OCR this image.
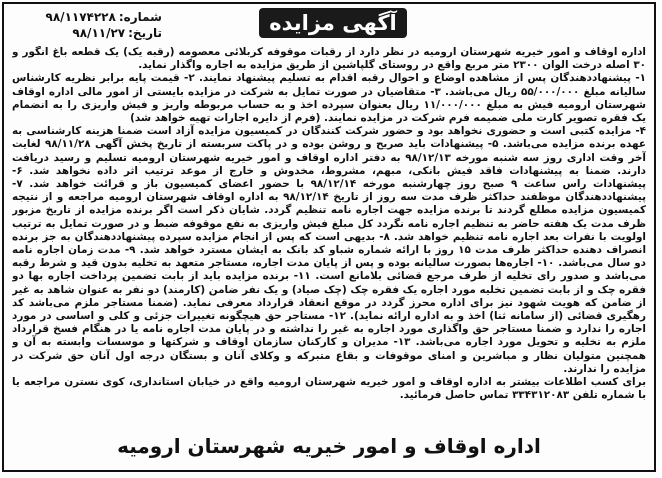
شماره:
۹۸/۱۱۷۴۲۲۸
تاریخ:
۹۸/۱۱/۲۷	آگهی مزایده

اداره اوقاف و امور خیریه شهرستان ارومیه در نظر دارد از رقبات موقوفه کربلائی معصومه (رقبه یک) یک قطعه باغ انگور و ۳۰ اصله درخت الوان ۲۳۰۰ متر مربع واقع در روستای گلپاشین از طریق مزایده به اجاره واگذار نماید.

۱- پیشنهاددهندگان پس از مشاهده اوضاع و احوال رقبه اقدام به تسلیم پیشنهاد نمایند. ۲- قیمت پایه برابر نظریه کارشناس سالیانه مبلغ ۵۵/۰۰۰/۰۰۰ ریال می‌باشد. ۳- متقاضیان در صورت تمایل به شرکت در مزایده بایستی از امور مالی اداره اوقاف شهرستان ارومیه فیش به مبلغ ۱۱/۰۰۰/۰۰۰ ریال بعنوان سپرده اخذ و به حساب مربوطه واریز و فیش واریزی را به انضمام یک فقره تصویر کارت ملی ضمیمه فرم شرکت در مزایده نمایند. (فرم از دایره اجارات تهیه خواهد شد)

۴- مزایده کتبی است و حضوری نخواهد بود و حضور شرکت کنندگان در کمیسیون مزایده آزاد است ضمنا هزینه کارشناسی به عهده برنده مزایده می‌باشد. ۵- پیشنهادات باید صریح و روشن بوده و در پاکت سربسته از تاریخ پخش آگهی ۹۸/۱۱/۲۸ لغایت آخر وقت اداری روز سه شنبه مورخه ۹۸/۱۲/۱۳ به دفتر اداره اوقاف و امور خیریه شهرستان ارومیه تسلیم و رسید دریافت دارند. ضمنا به پیشنهادات فاقد فیش بانکی، مبهم، مشروط، مخدوش و خارج از موعد ترتیب اثر داده نخواهد شد. ۶- پیشنهادات راس ساعت ۹ صبح روز چهارشنبه مورخه ۹۸/۱۲/۱۴ با حضور اعضای کمیسیون باز و قرائت خواهد شد. ۷- پیشنهاددهندگان موظفند حداکثر ظرف مدت سه روز از تاریخ ۹۸/۱۲/۱۴ به اداره اوقاف شهرستان ارومیه مراجعه و از نتیجه کمیسیون مزایده مطلع گردند تا برنده مزایده جهت اجاره نامه تنظیم گردد. شایان ذکر است اگر برنده مزایده از تاریخ مزبور ظرف مدت یک هفته حاضر به تنظیم اجاره نامه نگردد کل مبلغ فیش واریزی به نفع موقوفه ضبط و در صورت تمایل به ترتیب اولویت با نفرات بعد اجاره نامه تنظیم خواهد شد. ۸- بدیهی است که پس از انجام مزایده سپرده پیشنهاددهندگان به جز برنده انصراف دهنده حداکثر ظرف مدت ۱۵ روز با ارائه شماره شباو کد بانک به ایشان مسترد خواهد شد. ۹- مدت زمان اجاره نامه دو سال می‌باشد. ۱۰- اجاره‌ها بصورت سالیانه بوده و پس از پایان مدت اجاره، مستاجر متعهد به تخلیه بدون قید و شرط رقبه می‌باشد و صدور رای تخلیه از طرف مرجع قضائی بلامانع است. ۱۱- برنده مزایده باید از بابت تضمین پرداخت اجاره بها دو فقره چک و از بابت تضمین تخلیه مورد اجاره یک فقره چک (چک صیاد) و یک نفر ضامن (کارمند) دو نفر به عنوان شاهد به غیر از ضامن که هویت شهود نیز برای اداره محرز گردد در موقع انعقاد قرارداد معرفی نماید. (ضمنا مستاجر ملزم می‌باشد کد رهگیری قضائی (از سامانه ثنا) اخذ و به اداره ارائه نماید). ۱۲- مستاجر حق هیچگونه تغییرات جزئی و کلی و اساسی در مورد اجاره را ندارد و ضمنا مستاجر حق واگذاری مورد اجاره به غیر را نداشته و در پایان مدت اجاره نامه یا در هنگام فسخ قرارداد ملزم به تخلیه و تحویل مورد اجاره می‌باشد. ۱۳- مدیران و کارکنان سازمان اوقاف و شرکتها و موسسات وابسته به آن و همچنین متولیان نظار و مباشرین و امنای موقوفات و بقاع متبرکه و وکلای آنان و بستگان درجه اول آنان حق شرکت در مزایده را ندارند.

برای کسب اطلاعات بیشتر به اداره اوقاف و امور خیریه شهرستان ارومیه واقع در خیابان استانداری، کوی نسترن مراجعه یا با شماره تلفن ۳۳۴۳۱۲۰۸۳ تماس حاصل فرمائید.

اداره اوقاف و امور خیریه شهرستان ارومیه
